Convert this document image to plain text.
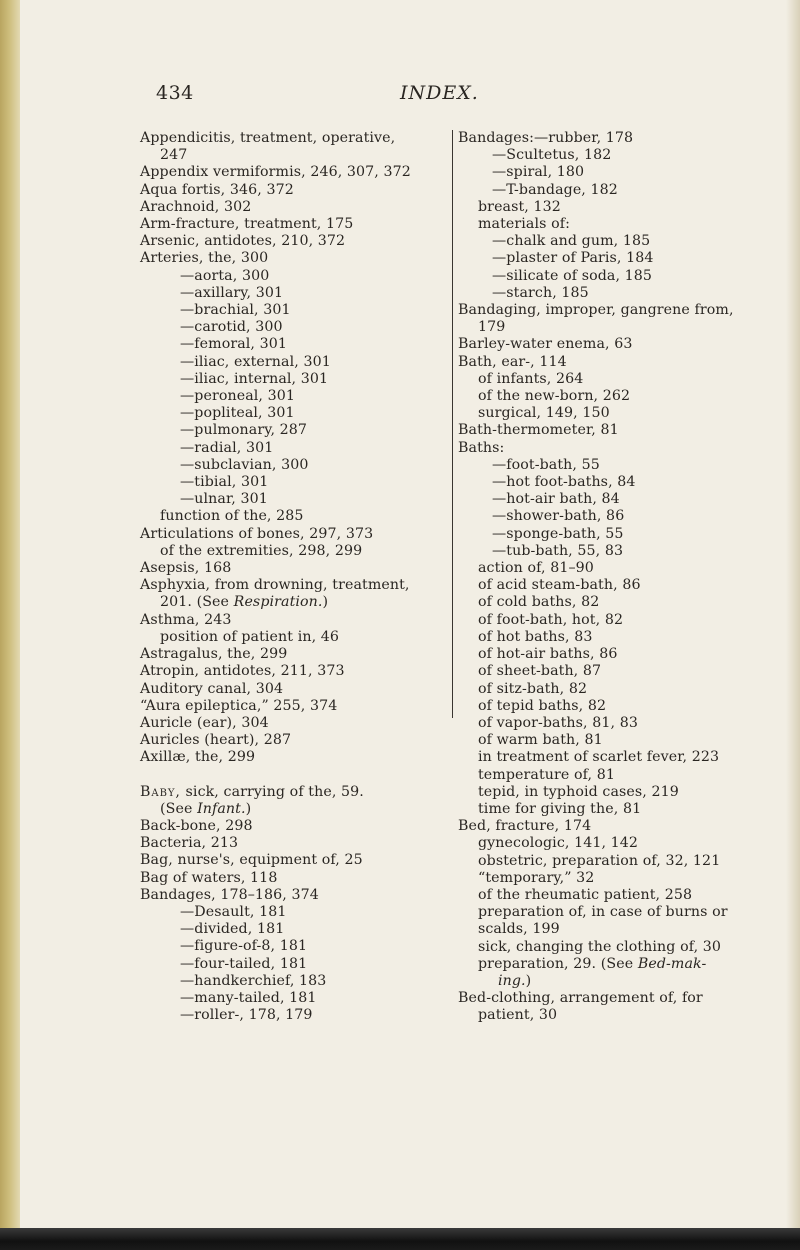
434	INDEX.
Appendicitis, treatment, operative,
247
Appendix vermiformis, 246, 307, 372
Aqua fortis, 346, 372
Arachnoid, 302
Arm-fracture, treatment, 175
Arsenic, antidotes, 210, 372
Arteries, the, 300
—aorta, 300
—axillary, 301
—brachial, 301
—carotid, 300
—femoral, 301
—iliac, external, 301
—iliac, internal, 301
—peroneal, 301
—popliteal, 301
—pulmonary, 287
—radial, 301
—subclavian, 300
—tibial, 301
—ulnar, 301
function of the, 285
Articulations of bones, 297, 373
of the extremities, 298, 299
Asepsis, 168
Asphyxia, from drowning, treatment,
201. (See Respiration.)
Asthma, 243
position of patient in, 46
Astragalus, the, 299
Atropin, antidotes, 211, 373
Auditory canal, 304
“Aura epileptica,” 255, 374
Auricle (ear), 304
Auricles (heart), 287
Axillæ, the, 299
Baby, sick, carrying of the, 59.
(See Infant.)
Back-bone, 298
Bacteria, 213
Bag, nurse's, equipment of, 25
Bag of waters, 118
Bandages, 178–186, 374
—Desault, 181
—divided, 181
—figure-of-8, 181
—four-tailed, 181
—handkerchief, 183
—many-tailed, 181
—roller-, 178, 179
Bandages:—rubber, 178
—Scultetus, 182
—spiral, 180
—T-bandage, 182
breast, 132
materials of:
—chalk and gum, 185
—plaster of Paris, 184
—silicate of soda, 185
—starch, 185
Bandaging, improper, gangrene from,
179
Barley-water enema, 63
Bath, ear-, 114
of infants, 264
of the new-born, 262
surgical, 149, 150
Bath-thermometer, 81
Baths:
—foot-bath, 55
—hot foot-baths, 84
—hot-air bath, 84
—shower-bath, 86
—sponge-bath, 55
—tub-bath, 55, 83
action of, 81–90
of acid steam-bath, 86
of cold baths, 82
of foot-bath, hot, 82
of hot baths, 83
of hot-air baths, 86
of sheet-bath, 87
of sitz-bath, 82
of tepid baths, 82
of vapor-baths, 81, 83
of warm bath, 81
in treatment of scarlet fever, 223
temperature of, 81
tepid, in typhoid cases, 219
time for giving the, 81
Bed, fracture, 174
gynecologic, 141, 142
obstetric, preparation of, 32, 121
“temporary,” 32
of the rheumatic patient, 258
preparation of, in case of burns or
scalds, 199
sick, changing the clothing of, 30
preparation, 29. (See Bed-mak-
ing.)
Bed-clothing, arrangement of, for
patient, 30
